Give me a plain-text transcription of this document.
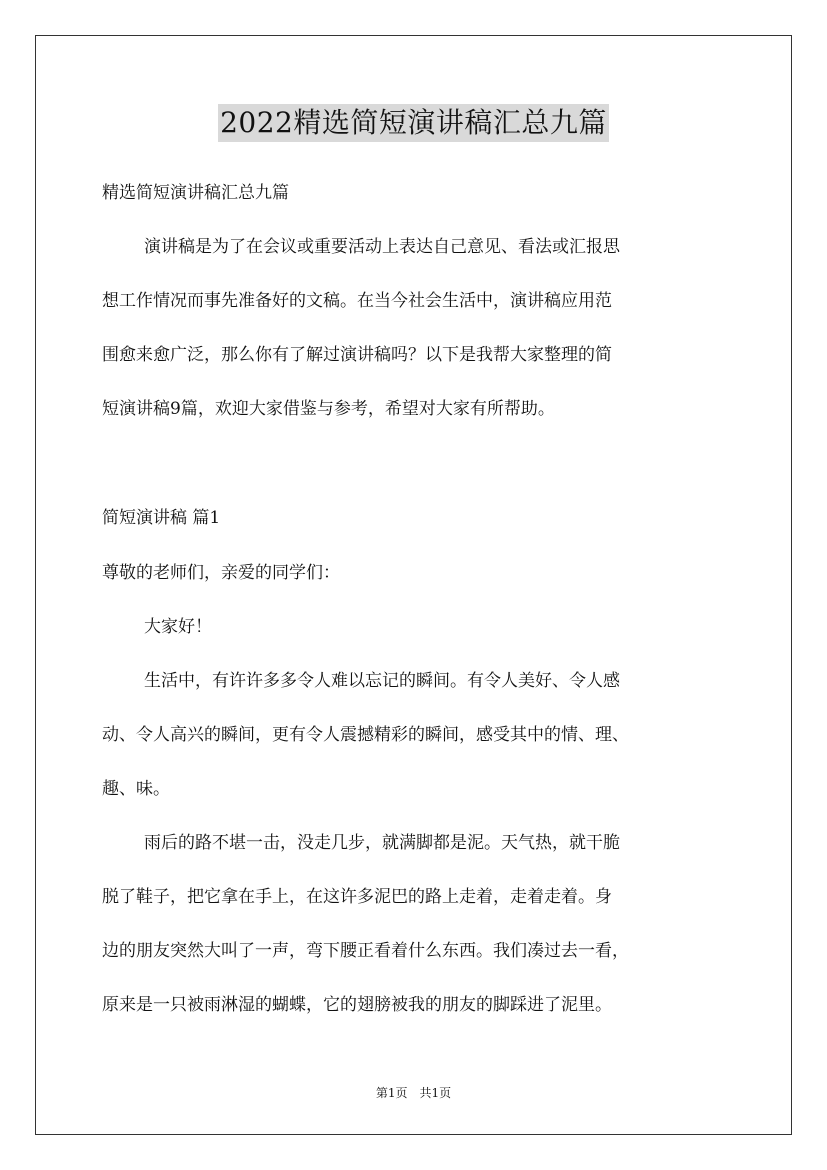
2022精选简短演讲稿汇总九篇
精选简短演讲稿汇总九篇
演讲稿是为了在会议或重要活动上表达自己意见、看法或汇报思
想工作情况而事先准备好的文稿。在当今社会生活中，演讲稿应用范
围愈来愈广泛，那么你有了解过演讲稿吗？以下是我帮大家整理的简
短演讲稿9篇，欢迎大家借鉴与参考，希望对大家有所帮助。
简短演讲稿 篇1
尊敬的老师们，亲爱的同学们：
大家好！
生活中，有许许多多令人难以忘记的瞬间。有令人美好、令人感
动、令人高兴的瞬间，更有令人震撼精彩的瞬间，感受其中的情、理、
趣、味。
雨后的路不堪一击，没走几步，就满脚都是泥。天气热，就干脆
脱了鞋子，把它拿在手上，在这许多泥巴的路上走着，走着走着。身
边的朋友突然大叫了一声，弯下腰正看着什么东西。我们凑过去一看，
原来是一只被雨淋湿的蝴蝶，它的翅膀被我的朋友的脚踩进了泥里。
第1页　共1页
